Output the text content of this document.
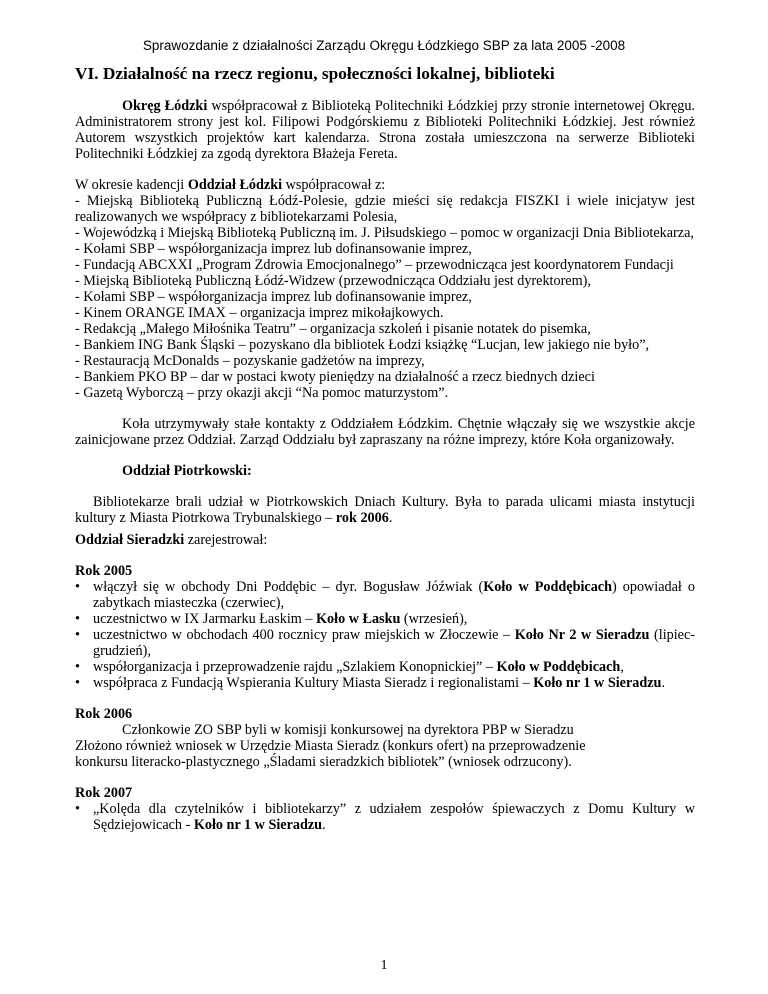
Sprawozdanie z działalności Zarządu Okręgu Łódzkiego SBP za lata 2005 -2008
VI. Działalność na rzecz regionu, społeczności lokalnej, biblioteki

Okręg Łódzki współpracował z Biblioteką Politechniki Łódzkiej przy stronie internetowej Okręgu. Administratorem strony jest kol. Filipowi Podgórskiemu z Biblioteki Politechniki Łódzkiej. Jest również Autorem wszystkich projektów kart kalendarza. Strona została umieszczona na serwerze Biblioteki Politechniki Łódzkiej za zgodą dyrektora Błażeja Fereta.

W okresie kadencji Oddział Łódzki współpracował z:

- Miejską Biblioteką Publiczną Łódź-Polesie, gdzie mieści się redakcja FISZKI i wiele inicjatyw jest realizowanych we współpracy z bibliotekarzami Polesia,

- Wojewódzką i Miejską Biblioteką Publiczną im. J. Piłsudskiego – pomoc w organizacji Dnia Bibliotekarza,

- Kołami SBP – współorganizacja imprez lub dofinansowanie imprez,

- Fundacją ABCXXI „Program Zdrowia Emocjonalnego” – przewodnicząca jest koordynatorem Fundacji

- Miejską Biblioteką Publiczną Łódź-Widzew (przewodnicząca Oddziału jest dyrektorem),

- Kołami SBP – współorganizacja imprez lub dofinansowanie imprez,

- Kinem ORANGE IMAX – organizacja imprez mikołajkowych.

- Redakcją „Małego Miłośnika Teatru” – organizacja szkoleń i pisanie notatek do pisemka,

- Bankiem ING Bank Śląski – pozyskano dla bibliotek Łodzi książkę “Lucjan, lew jakiego nie było”,

- Restauracją McDonalds – pozyskanie gadżetów na imprezy,

- Bankiem PKO BP – dar w postaci kwoty pieniędzy na działalność a rzecz biednych dzieci

- Gazetą Wyborczą – przy okazji akcji “Na pomoc maturzystom”.

Koła utrzymywały stałe kontakty z Oddziałem Łódzkim. Chętnie włączały się we wszystkie akcje zainicjowane przez Oddział. Zarząd Oddziału był zapraszany na różne imprezy, które Koła organizowały.

Oddział Piotrkowski:

Bibliotekarze brali udział w Piotrkowskich Dniach Kultury. Była to parada ulicami miasta instytucji kultury z Miasta Piotrkowa Trybunalskiego – rok 2006.

Oddział Sieradzki zarejestrował:

Rok 2005

• włączył się w obchody Dni Poddębic – dyr. Bogusław Jóźwiak (Koło w Poddębicach) opowiadał o zabytkach miasteczka (czerwiec),
• uczestnictwo w IX Jarmarku Łaskim – Koło w Łasku (wrzesień),
• uczestnictwo w obchodach 400 rocznicy praw miejskich w Złoczewie – Koło Nr 2 w Sieradzu (lipiec-grudzień),
• współorganizacja i przeprowadzenie rajdu „Szlakiem Konopnickiej” – Koło w Poddębicach,
• współpraca z Fundacją Wspierania Kultury Miasta Sieradz i regionalistami – Koło nr 1 w Sieradzu.

Rok 2006

Członkowie ZO SBP byli w komisji konkursowej na dyrektora PBP w Sieradzu

Złożono również wniosek w Urzędzie Miasta Sieradz (konkurs ofert) na przeprowadzenie

konkursu literacko-plastycznego „Śladami sieradzkich bibliotek” (wniosek odrzucony).

Rok 2007

• „Kolęda dla czytelników i bibliotekarzy” z udziałem zespołów śpiewaczych z Domu Kultury w Sędziejowicach - Koło nr 1 w Sieradzu.
1
